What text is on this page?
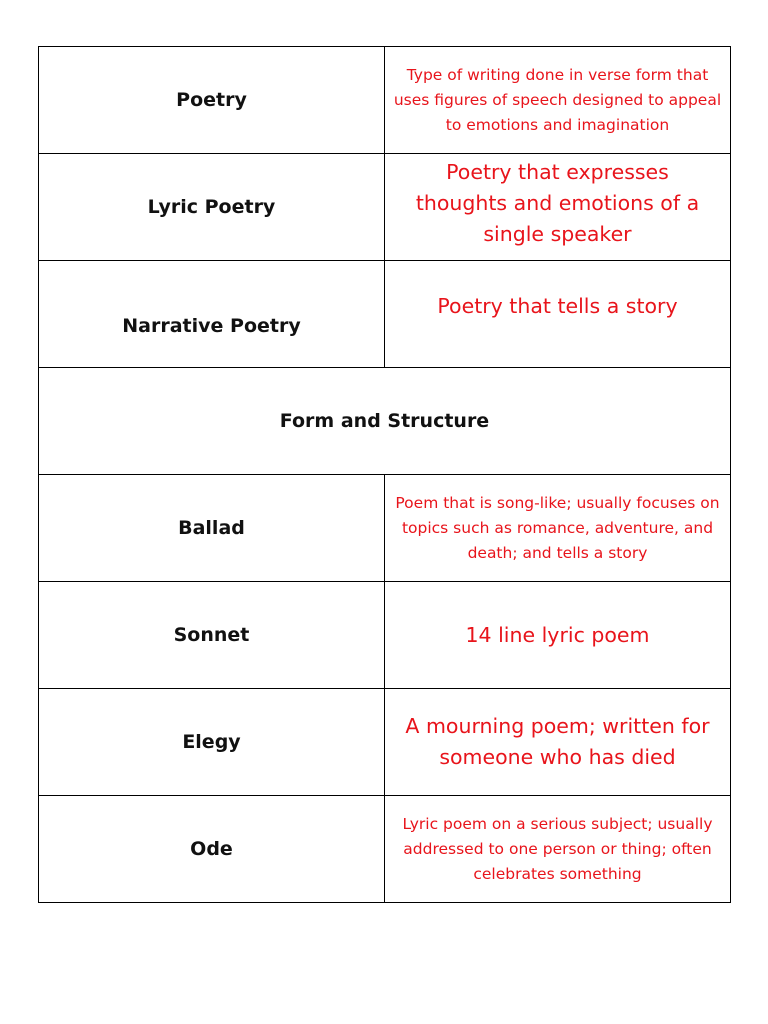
Poetry	Type of writing done in verse form that uses figures of speech designed to appeal to emotions and imagination

Lyric Poetry	Poetry that expresses thoughts and emotions of a single speaker

Narrative Poetry	Poetry that tells a story

Form and Structure	
Ballad	Poem that is song-like; usually focuses on topics such as romance, adventure, and death; and tells a story

Sonnet	14 line lyric poem

Elegy	A mourning poem; written for someone who has died

Ode	Lyric poem on a serious subject; usually addressed to one person or thing; often celebrates something
